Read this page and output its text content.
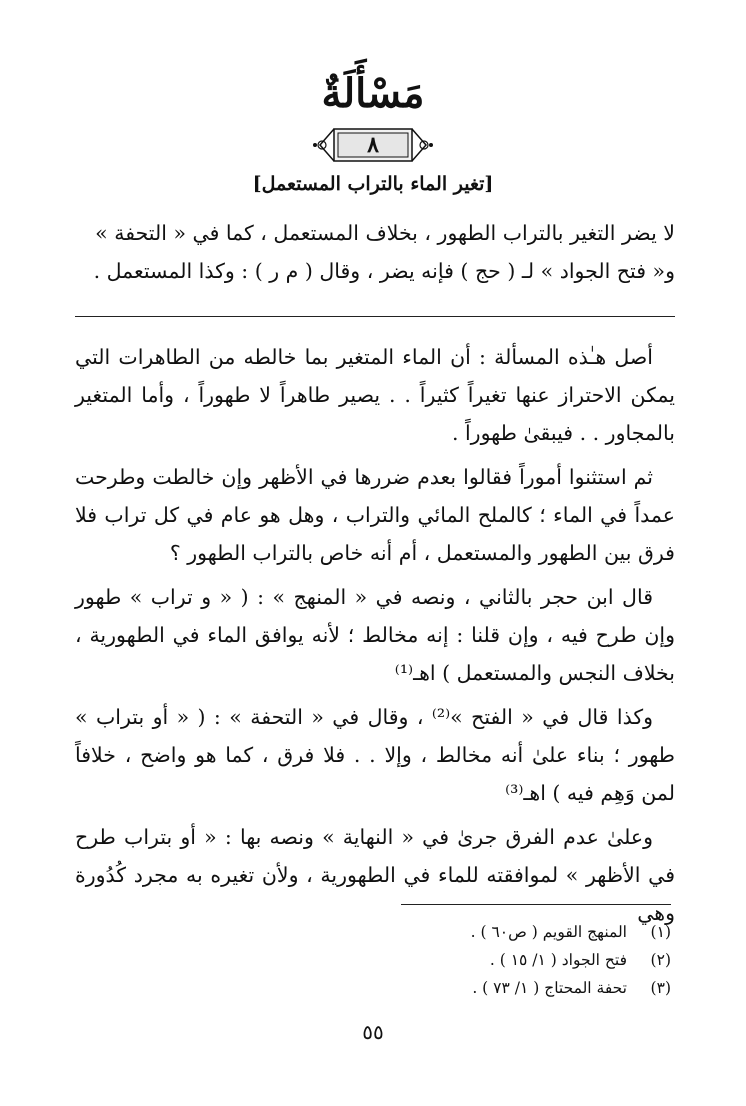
مَسْأَلَةٌ
٨
[تغير الماء بالتراب المستعمل]
لا يضر التغير بالتراب الطهور ، بخلاف المستعمل ، كما في « التحفة »
و« فتح الجواد » لـ ( حج ) فإنه يضر ، وقال ( م ر ) : وكذا المستعمل .

أصل هـٰذه المسألة : أن الماء المتغير بما خالطه من الطاهرات التي يمكن الاحتراز عنها تغيراً كثيراً . . يصير طاهراً لا طهوراً ، وأما المتغير بالمجاور . . فيبقىٰ طهوراً .

ثم استثنوا أموراً فقالوا بعدم ضررها في الأظهر وإن خالطت وطرحت عمداً في الماء ؛ كالملح المائي والتراب ، وهل هو عام في كل تراب فلا فرق بين الطهور والمستعمل ، أم أنه خاص بالتراب الطهور ؟

قال ابن حجر بالثاني ، ونصه في « المنهج » : ( « و تراب » طهور وإن طرح فيه ، وإن قلنا : إنه مخالط ؛ لأنه يوافق الماء في الطهورية ، بخلاف النجس والمستعمل ) اهـ⁽¹⁾

وكذا قال في « الفتح »⁽²⁾ ، وقال في « التحفة » : ( « أو بتراب » طهور ؛ بناء علىٰ أنه مخالط ، وإلا . . فلا فرق ، كما هو واضح ، خلافاً لمن وَهِم فيه ) اهـ⁽³⁾

وعلىٰ عدم الفرق جرىٰ في « النهاية » ونصه بها : « أو بتراب طرح في الأظهر » لموافقته للماء في الطهورية ، ولأن تغيره به مجرد كُدُورة وهي

(١)
المنهج القويم ( ص٦٠ ) .
(٢)
فتح الجواد ( ١/ ١٥ ) .
(٣)
تحفة المحتاج ( ١/ ٧٣ ) .
٥٥
